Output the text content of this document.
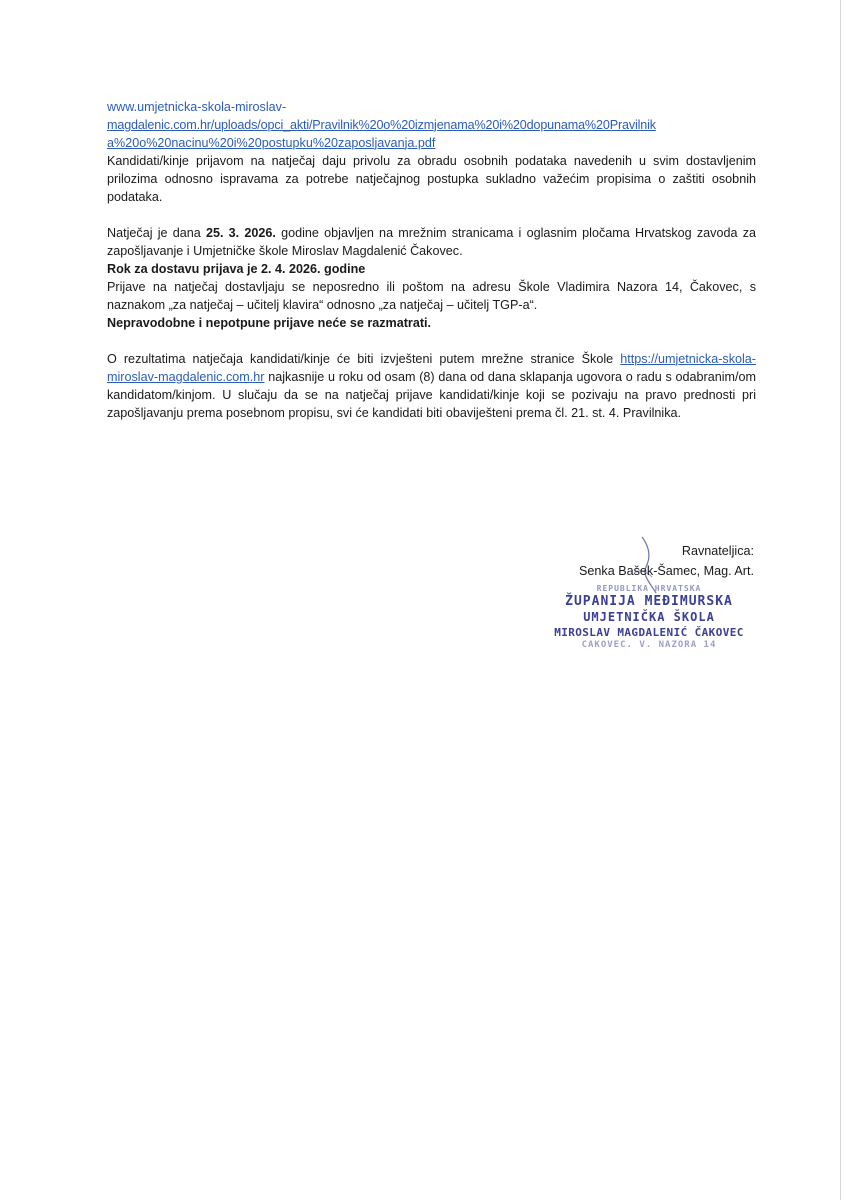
www.umjetnicka-skola-miroslav-
magdalenic.com.hr/uploads/opci_akti/Pravilnik%20o%20izmjenama%20i%20dopunama%20Pravilnik
a%20o%20nacinu%20i%20postupku%20zaposljavanja.pdf

Kandidati/kinje prijavom na natječaj daju privolu za obradu osobnih podataka navedenih u svim dostavljenim prilozima odnosno ispravama za potrebe natječajnog postupka sukladno važećim propisima o zaštiti osobnih podataka.

Natječaj je dana 25. 3. 2026. godine objavljen na mrežnim stranicama i oglasnim pločama Hrvatskog zavoda za zapošljavanje i Umjetničke škole Miroslav Magdalenić Čakovec.

Rok za dostavu prijava je 2. 4. 2026. godine

Prijave na natječaj dostavljaju se neposredno ili poštom na adresu Škole Vladimira Nazora 14, Čakovec, s naznakom „za natječaj – učitelj klavira“ odnosno „za natječaj – učitelj TGP-a“.

Nepravodobne i nepotpune prijave neće se razmatrati.

O rezultatima natječaja kandidati/kinje će biti izvješteni putem mrežne stranice Škole https://umjetnicka-skola-miroslav-magdalenic.com.hr najkasnije u roku od osam (8) dana od dana sklapanja ugovora o radu s odabranim/om kandidatom/kinjom. U slučaju da se na natječaj prijave kandidati/kinje koji se pozivaju na pravo prednosti pri zapošljavanju prema posebnom propisu, svi će kandidati biti obaviješteni prema čl. 21. st. 4. Pravilnika.

Ravnateljica:
Senka Bašek-Šamec, Mag. Art.
REPUBLIKA HRVATSKA
ŽUPANIJA MEĐIMURSKA
UMJETNIČKA ŠKOLA
MIROSLAV MAGDALENIĆ ČAKOVEC
ČAKOVEC, V. NAZORA 14
